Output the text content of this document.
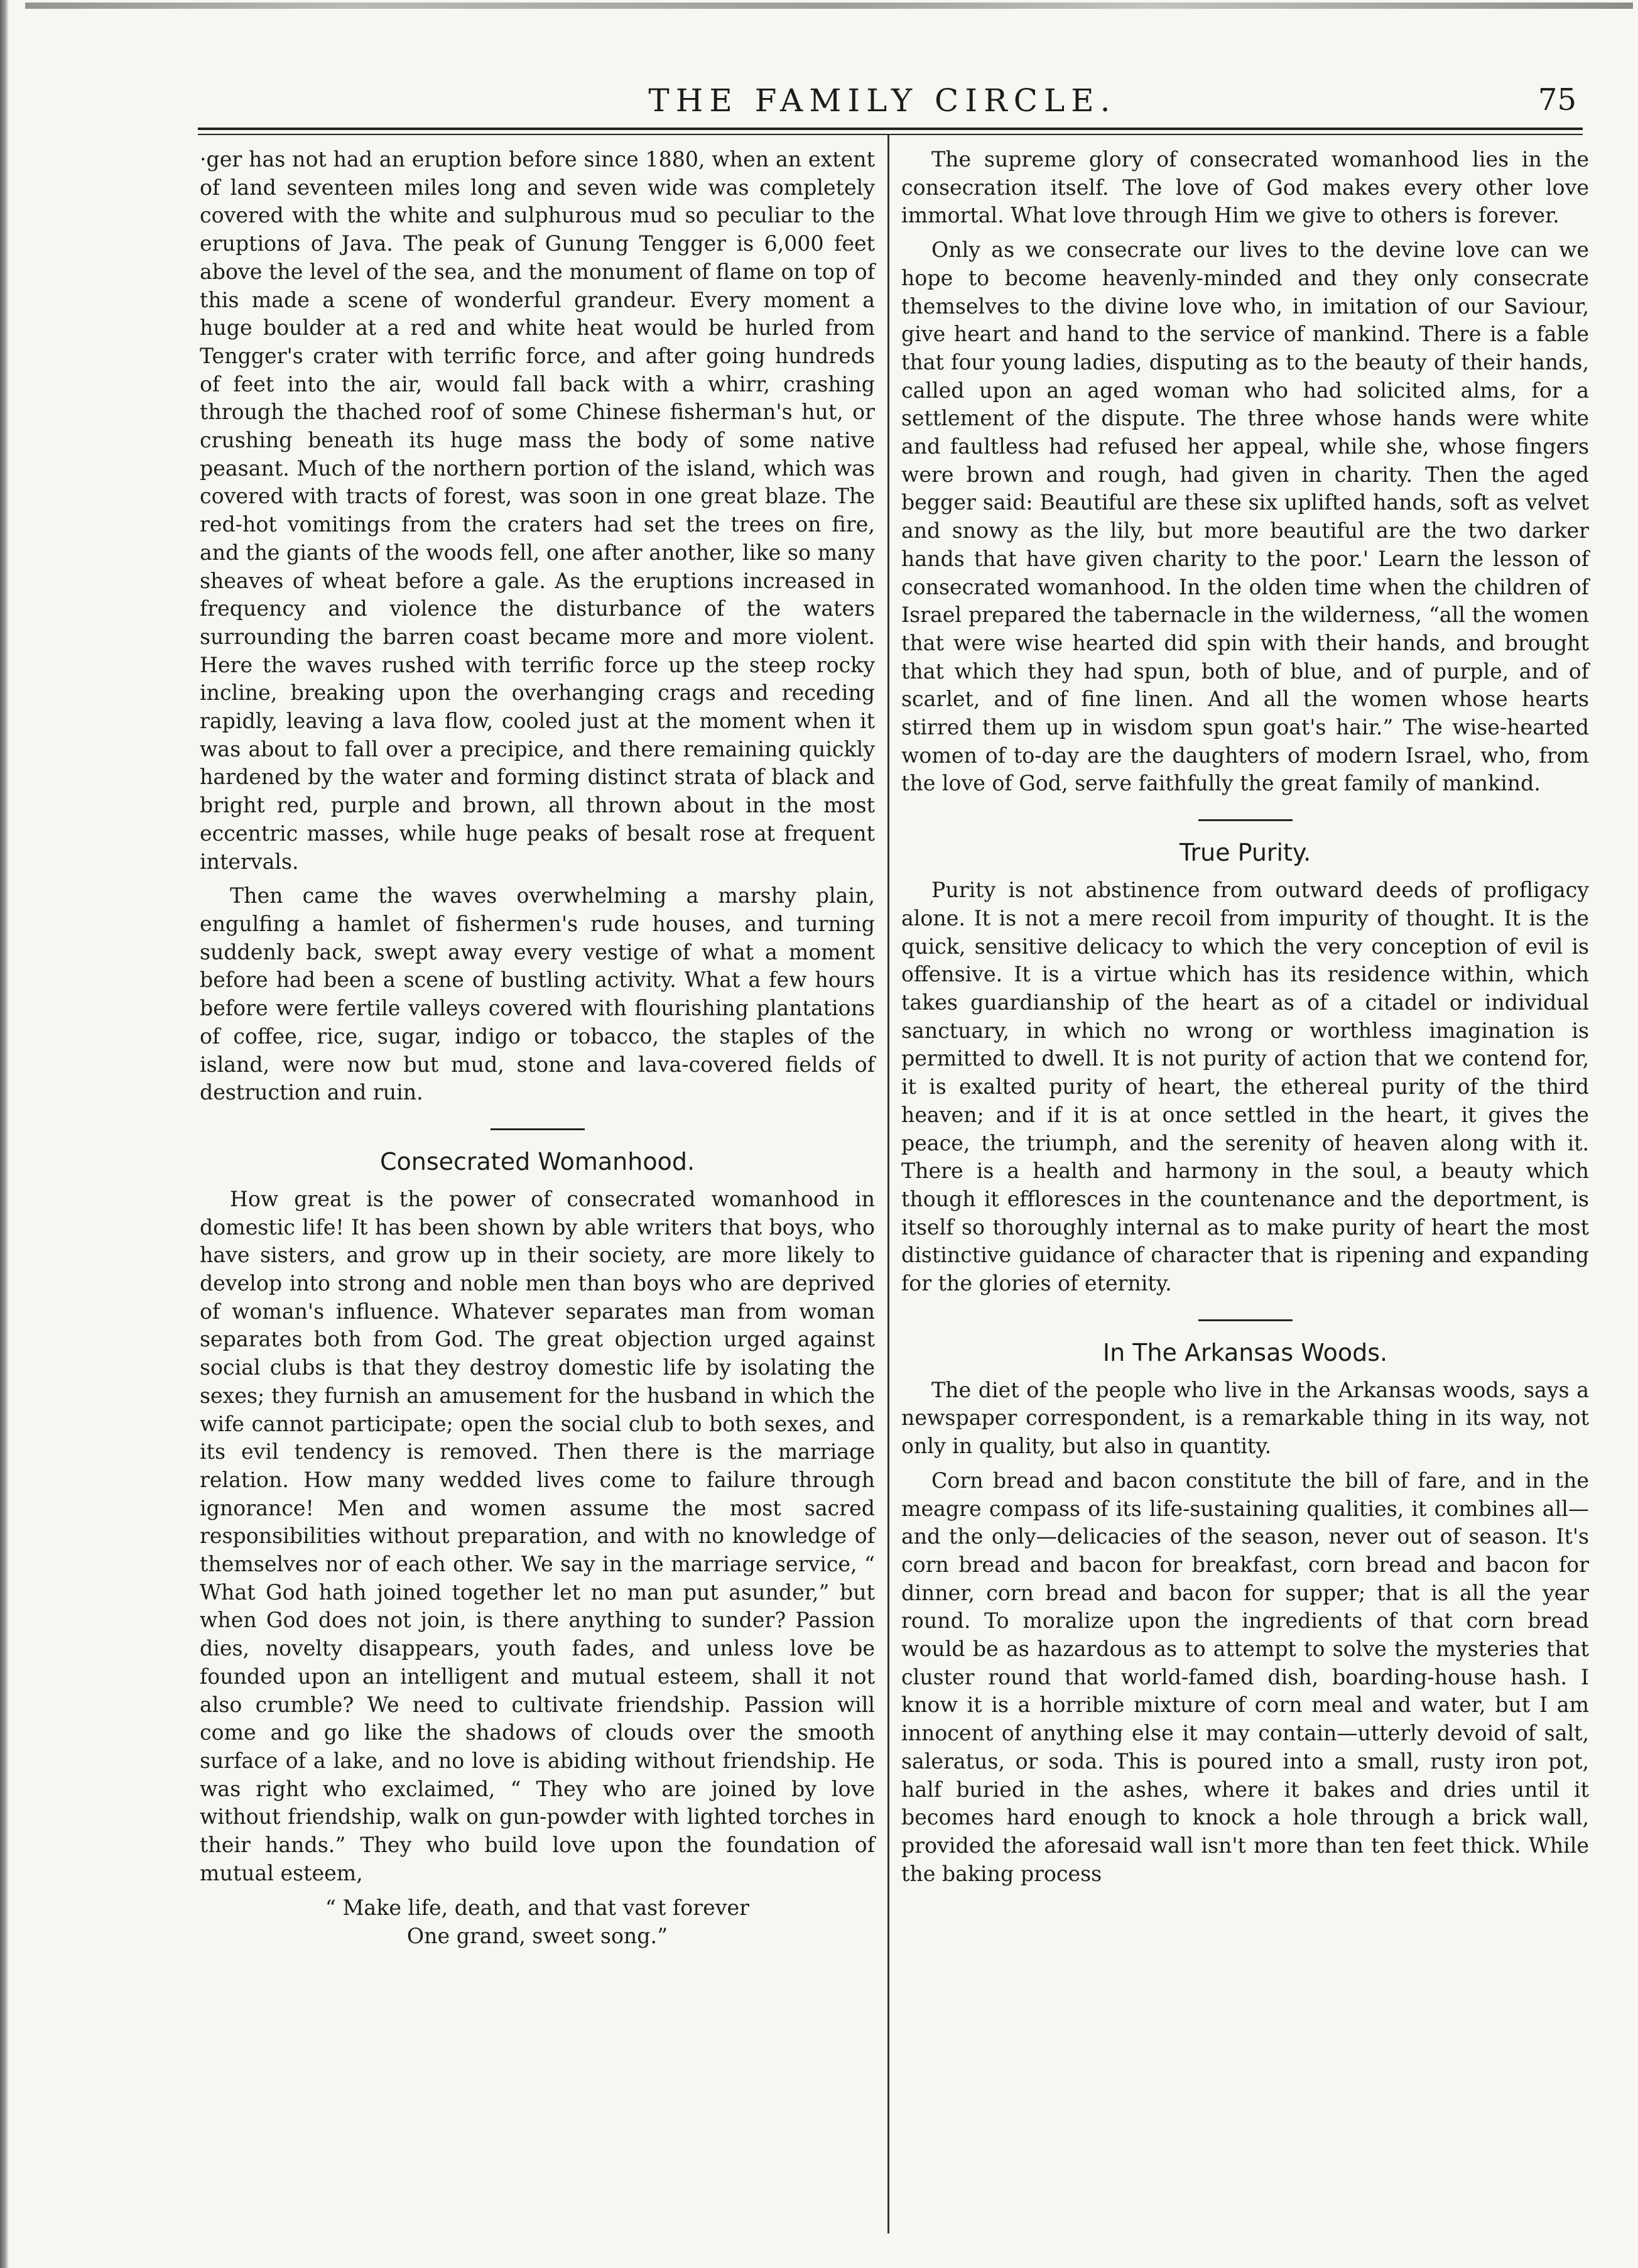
THE FAMILY CIRCLE.	75

·ger has not had an eruption before since 1880, when an extent of land seventeen miles long and seven wide was completely covered with the white and sulphurous mud so peculiar to the eruptions of Java. The peak of Gunung Tengger is 6,000 feet above the level of the sea, and the monument of flame on top of this made a scene of wonderful grandeur. Every moment a huge boulder at a red and white heat would be hurled from Tengger's crater with terrific force, and after going hundreds of feet into the air, would fall back with a whirr, crashing through the thached roof of some Chinese fisherman's hut, or crushing beneath its huge mass the body of some native peasant. Much of the northern portion of the island, which was covered with tracts of forest, was soon in one great blaze. The red-hot vomitings from the craters had set the trees on fire, and the giants of the woods fell, one after another, like so many sheaves of wheat before a gale. As the eruptions increased in frequency and violence the disturbance of the waters surrounding the barren coast became more and more violent. Here the waves rushed with terrific force up the steep rocky incline, breaking upon the overhanging crags and receding rapidly, leaving a lava flow, cooled just at the moment when it was about to fall over a precipice, and there remaining quickly hardened by the water and forming distinct strata of black and bright red, purple and brown, all thrown about in the most eccentric masses, while huge peaks of besalt rose at frequent intervals.

Then came the waves overwhelming a marshy plain, engulfing a hamlet of fishermen's rude houses, and turning suddenly back, swept away every vestige of what a moment before had been a scene of bustling activity. What a few hours before were fertile valleys covered with flourishing plantations of coffee, rice, sugar, indigo or tobacco, the staples of the island, were now but mud, stone and lava-covered fields of destruction and ruin.

Consecrated Womanhood.

How great is the power of consecrated womanhood in domestic life! It has been shown by able writers that boys, who have sisters, and grow up in their society, are more likely to develop into strong and noble men than boys who are deprived of woman's influence. Whatever separates man from woman separates both from God. The great objection urged against social clubs is that they destroy domestic life by isolating the sexes; they furnish an amusement for the husband in which the wife cannot participate; open the social club to both sexes, and its evil tendency is removed. Then there is the marriage relation. How many wedded lives come to failure through ignorance! Men and women assume the most sacred responsibilities without preparation, and with no knowledge of themselves nor of each other. We say in the marriage service, “ What God hath joined together let no man put asunder,” but when God does not join, is there anything to sunder? Passion dies, novelty disappears, youth fades, and unless love be founded upon an intelligent and mutual esteem, shall it not also crumble? We need to cultivate friendship. Passion will come and go like the shadows of clouds over the smooth surface of a lake, and no love is abiding without friendship. He was right who exclaimed, “ They who are joined by love without friendship, walk on gun-powder with lighted torches in their hands.” They who build love upon the foundation of mutual esteem,

“ Make life, death, and that vast forever
One grand, sweet song.”

The supreme glory of consecrated womanhood lies in the consecration itself. The love of God makes every other love immortal. What love through Him we give to others is forever.

Only as we consecrate our lives to the devine love can we hope to become heavenly-minded and they only consecrate themselves to the divine love who, in imitation of our Saviour, give heart and hand to the service of mankind. There is a fable that four young ladies, disputing as to the beauty of their hands, called upon an aged woman who had solicited alms, for a settlement of the dispute. The three whose hands were white and faultless had refused her appeal, while she, whose fingers were brown and rough, had given in charity. Then the aged begger said: Beautiful are these six uplifted hands, soft as velvet and snowy as the lily, but more beautiful are the two darker hands that have given charity to the poor.' Learn the lesson of consecrated womanhood. In the olden time when the children of Israel prepared the tabernacle in the wilderness, “all the women that were wise hearted did spin with their hands, and brought that which they had spun, both of blue, and of purple, and of scarlet, and of fine linen. And all the women whose hearts stirred them up in wisdom spun goat's hair.” The wise-hearted women of to-day are the daughters of modern Israel, who, from the love of God, serve faithfully the great family of mankind.

True Purity.

Purity is not abstinence from outward deeds of profligacy alone. It is not a mere recoil from impurity of thought. It is the quick, sensitive delicacy to which the very conception of evil is offensive. It is a virtue which has its residence within, which takes guardianship of the heart as of a citadel or individual sanctuary, in which no wrong or worthless imagination is permitted to dwell. It is not purity of action that we contend for, it is exalted purity of heart, the ethereal purity of the third heaven; and if it is at once settled in the heart, it gives the peace, the triumph, and the serenity of heaven along with it. There is a health and harmony in the soul, a beauty which though it effloresces in the countenance and the deportment, is itself so thoroughly internal as to make purity of heart the most distinctive guidance of character that is ripening and expanding for the glories of eternity.

In The Arkansas Woods.

The diet of the people who live in the Arkansas woods, says a newspaper correspondent, is a remarkable thing in its way, not only in quality, but also in quantity.

Corn bread and bacon constitute the bill of fare, and in the meagre compass of its life-sustaining qualities, it combines all—and the only—delicacies of the season, never out of season. It's corn bread and bacon for breakfast, corn bread and bacon for dinner, corn bread and bacon for supper; that is all the year round. To moralize upon the ingredients of that corn bread would be as hazardous as to attempt to solve the mysteries that cluster round that world-famed dish, boarding-house hash. I know it is a horrible mixture of corn meal and water, but I am innocent of anything else it may contain—utterly devoid of salt, saleratus, or soda. This is poured into a small, rusty iron pot, half buried in the ashes, where it bakes and dries until it becomes hard enough to knock a hole through a brick wall, provided the aforesaid wall isn't more than ten feet thick. While the baking process
